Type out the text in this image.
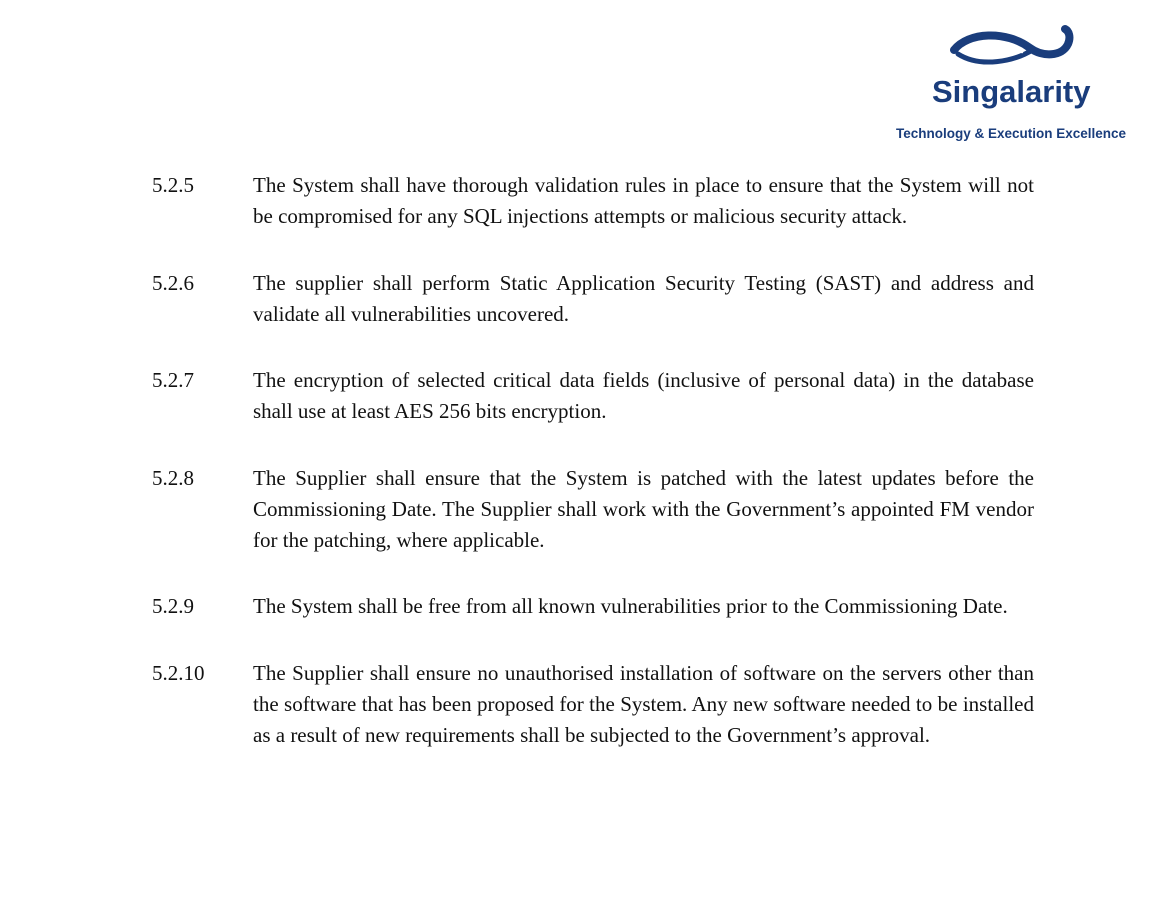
Singalarity
Technology & Execution Excellence
5.2.5	The System shall have thorough validation rules in place to ensure that the System will not be compromised for any SQL injections attempts or malicious security attack.
5.2.6	The supplier shall perform Static Application Security Testing (SAST) and address and validate all vulnerabilities uncovered.
5.2.7	The encryption of selected critical data fields (inclusive of personal data) in the database shall use at least AES 256 bits encryption.
5.2.8	The Supplier shall ensure that the System is patched with the latest updates before the Commissioning Date. The Supplier shall work with the Government’s appointed FM vendor for the patching, where applicable.
5.2.9	The System shall be free from all known vulnerabilities prior to the Commissioning Date.
5.2.10	The Supplier shall ensure no unauthorised installation of software on the servers other than the software that has been proposed for the System. Any new software needed to be installed as a result of new requirements shall be subjected to the Government’s approval.
